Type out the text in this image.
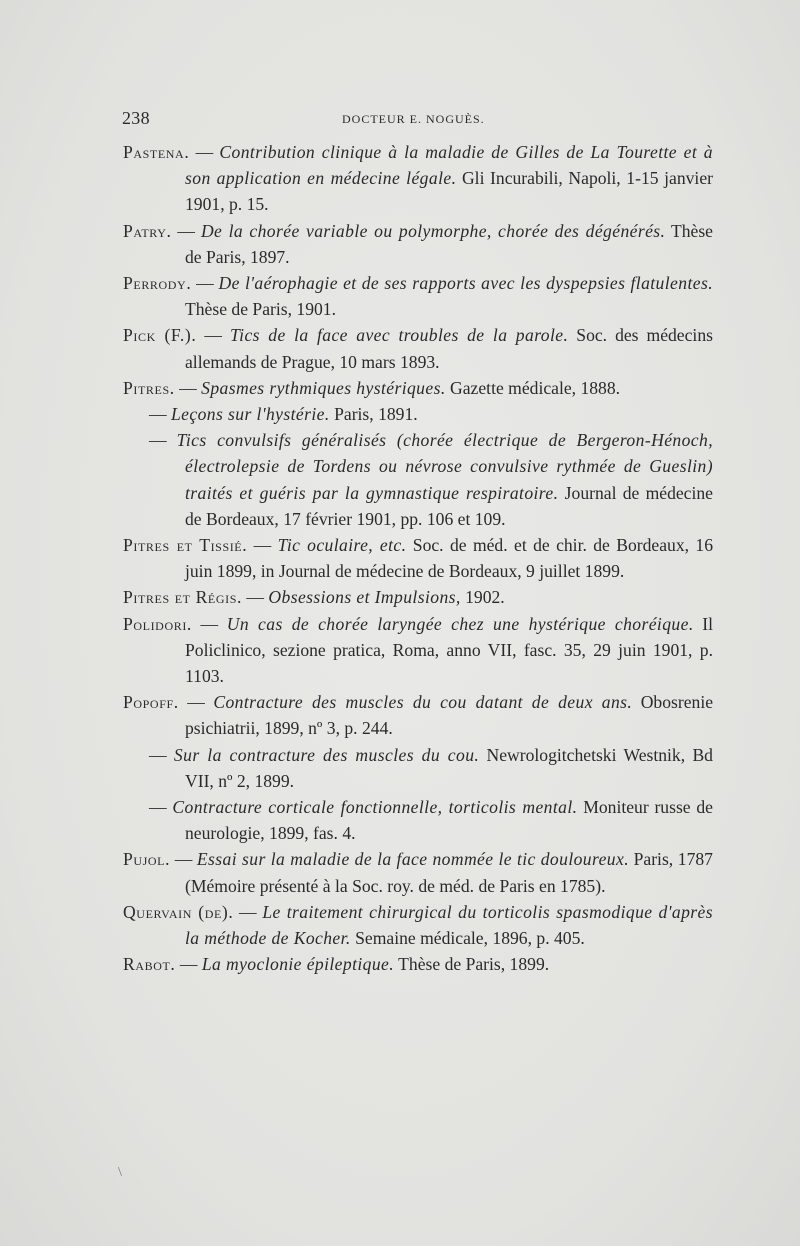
238	DOCTEUR E. NOGUÈS.

Pastena. — Contribution clinique à la maladie de Gilles de La Tourette et à son application en médecine légale. Gli Incurabili, Napoli, 1-15 janvier 1901, p. 15.

Patry. — De la chorée variable ou polymorphe, chorée des dégénérés. Thèse de Paris, 1897.

Perrody. — De l'aérophagie et de ses rapports avec les dyspepsies flatulentes. Thèse de Paris, 1901.

Pick (F.). — Tics de la face avec troubles de la parole. Soc. des médecins allemands de Prague, 10 mars 1893.

Pitres. — Spasmes rythmiques hystériques. Gazette médicale, 1888.

— Leçons sur l'hystérie. Paris, 1891.

— Tics convulsifs généralisés (chorée électrique de Bergeron-Hénoch, électrolepsie de Tordens ou névrose convulsive rythmée de Gueslin) traités et guéris par la gymnastique respiratoire. Journal de médecine de Bordeaux, 17 février 1901, pp. 106 et 109.

Pitres et Tissié. — Tic oculaire, etc. Soc. de méd. et de chir. de Bordeaux, 16 juin 1899, in Journal de médecine de Bordeaux, 9 juillet 1899.

Pitres et Régis. — Obsessions et Impulsions, 1902.

Polidori. — Un cas de chorée laryngée chez une hystérique choréique. Il Policlinico, sezione pratica, Roma, anno VII, fasc. 35, 29 juin 1901, p. 1103.

Popoff. — Contracture des muscles du cou datant de deux ans. Obosrenie psichiatrii, 1899, nº 3, p. 244.

— Sur la contracture des muscles du cou. Newrologitchetski Westnik, Bd VII, nº 2, 1899.

— Contracture corticale fonctionnelle, torticolis mental. Moniteur russe de neurologie, 1899, fas. 4.

Pujol. — Essai sur la maladie de la face nommée le tic douloureux. Paris, 1787 (Mémoire présenté à la Soc. roy. de méd. de Paris en 1785).

Quervain (de). — Le traitement chirurgical du torticolis spasmodique d'après la méthode de Kocher. Semaine médicale, 1896, p. 405.

Rabot. — La myoclonie épileptique. Thèse de Paris, 1899.

\
